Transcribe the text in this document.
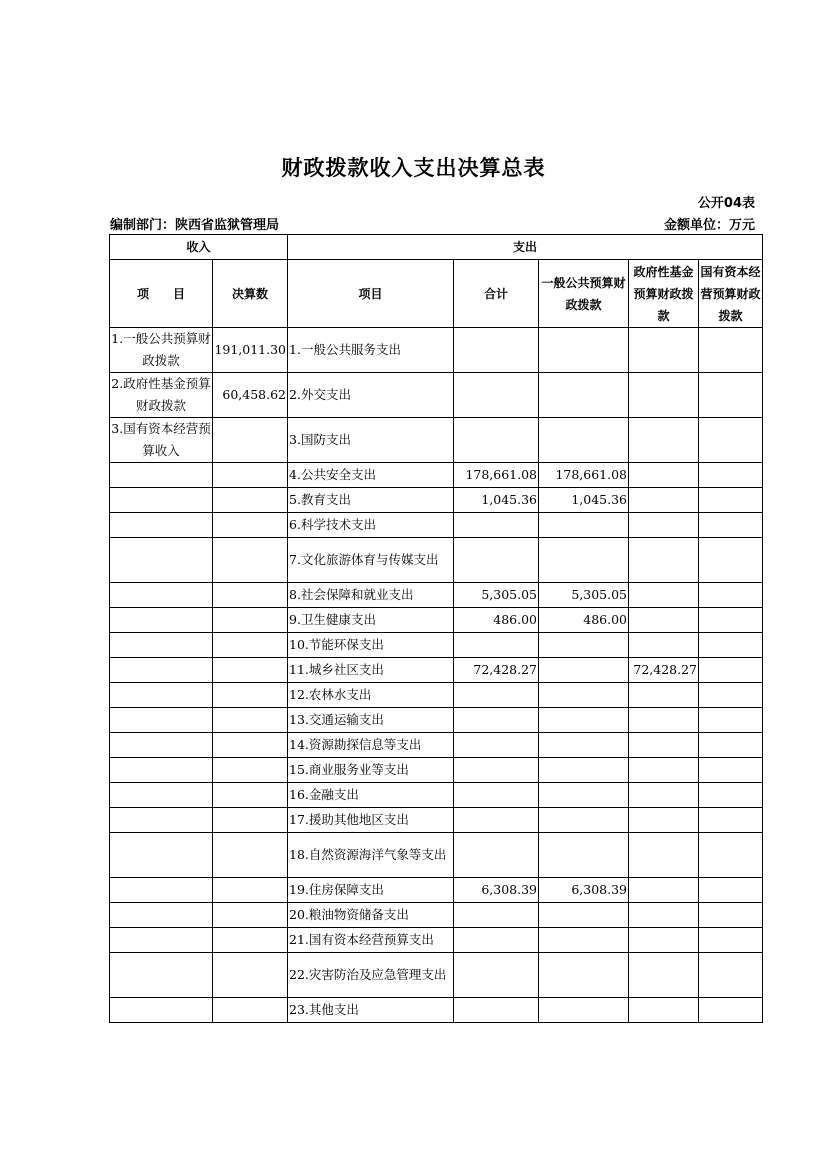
财政拨款收入支出决算总表
公开04表
编制部门：陕西省监狱管理局	金额单位：万元
收入		支出				
项　　目	决算数	项目	合计	一般公共预算财政拨款	政府性基金预算财政拨款	国有资本经营预算财政拨款
1.一般公共预算财政拨款	191,011.30	1.一般公共服务支出				
2.政府性基金预算财政拨款	60,458.62	2.外交支出				
3.国有资本经营预算收入		3.国防支出				
		4.公共安全支出	178,661.08	178,661.08		
		5.教育支出	1,045.36	1,045.36		
		6.科学技术支出				
		7.文化旅游体育与传媒支出				
		8.社会保障和就业支出	5,305.05	5,305.05		
		9.卫生健康支出	486.00	486.00		
		10.节能环保支出				
		11.城乡社区支出	72,428.27		72,428.27	
		12.农林水支出				
		13.交通运输支出				
		14.资源勘探信息等支出				
		15.商业服务业等支出				
		16.金融支出				
		17.援助其他地区支出				
		18.自然资源海洋气象等支出				
		19.住房保障支出	6,308.39	6,308.39		
		20.粮油物资储备支出				
		21.国有资本经营预算支出				
		22.灾害防治及应急管理支出				
		23.其他支出				
